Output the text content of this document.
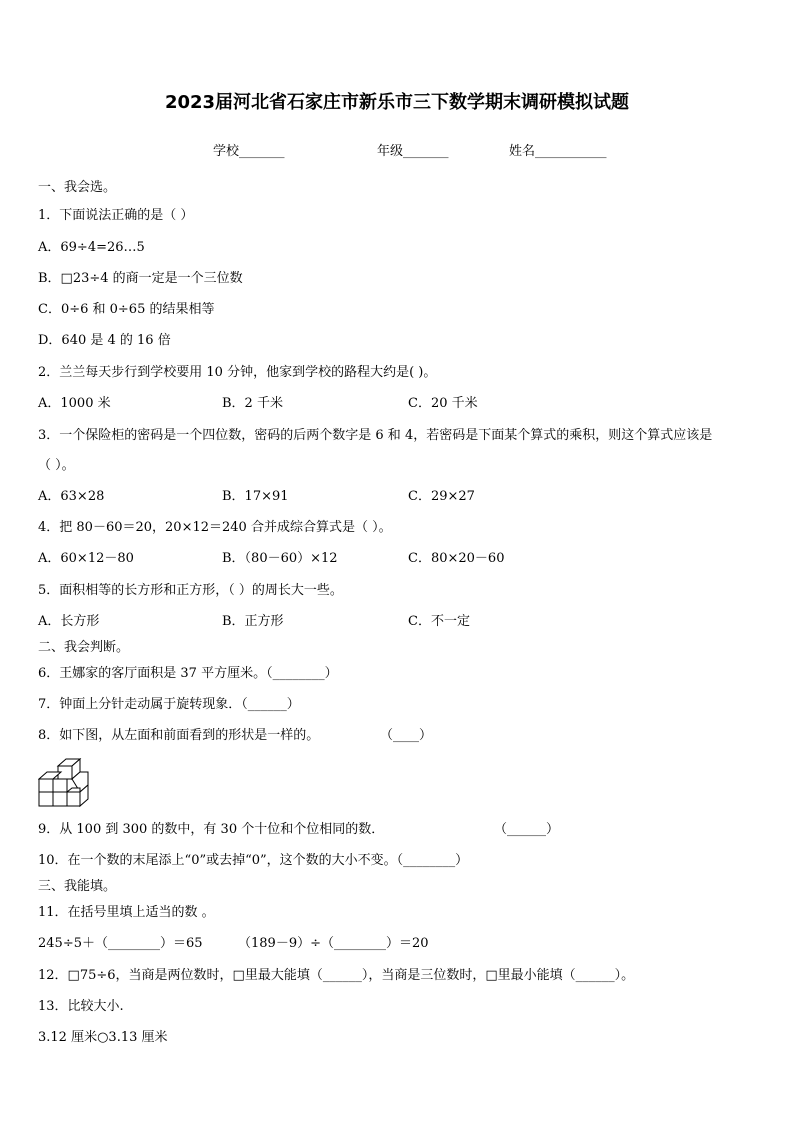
2023届河北省石家庄市新乐市三下数学期末调研模拟试题
学校_______	年级_______	姓名___________
一、我会选。
1．下面说法正确的是（ ）
A．69÷4=26…5
B．□23÷4 的商一定是一个三位数
C．0÷6 和 0÷65 的结果相等
D．640 是 4 的 16 倍
2．兰兰每天步行到学校要用 10 分钟，他家到学校的路程大约是( )。
A．1000 米	B．2 千米	C．20 千米
3．一个保险柜的密码是一个四位数，密码的后两个数字是 6 和 4，若密码是下面某个算式的乘积，则这个算式应该是
（ ）。
A．63×28	B．17×91	C．29×27
4．把 80－60＝20，20×12＝240 合并成综合算式是（ ）。
A．60×12－80	B．（80－60）×12	C．80×20－60
5．面积相等的长方形和正方形，（ ）的周长大一些。
A．长方形	B．正方形	C．不一定
二、我会判断。
6．王娜家的客厅面积是 37 平方厘米。（________）
7．钟面上分针走动属于旋转现象．（______）
8．如下图，从左面和前面看到的形状是一样的。	（____）
9．从 100 到 300 的数中，有 30 个十位和个位相同的数．	（______）
10．在一个数的末尾添上“0”或去掉“0”，这个数的大小不变。（________）
三、我能填。
11．在括号里填上适当的数 。
245÷5＋（________）＝65	（189－9）÷（________）＝20
12．□75÷6，当商是两位数时，□里最大能填（______），当商是三位数时，□里最小能填（______）。
13．比较大小.
3.12 厘米○3.13 厘米
